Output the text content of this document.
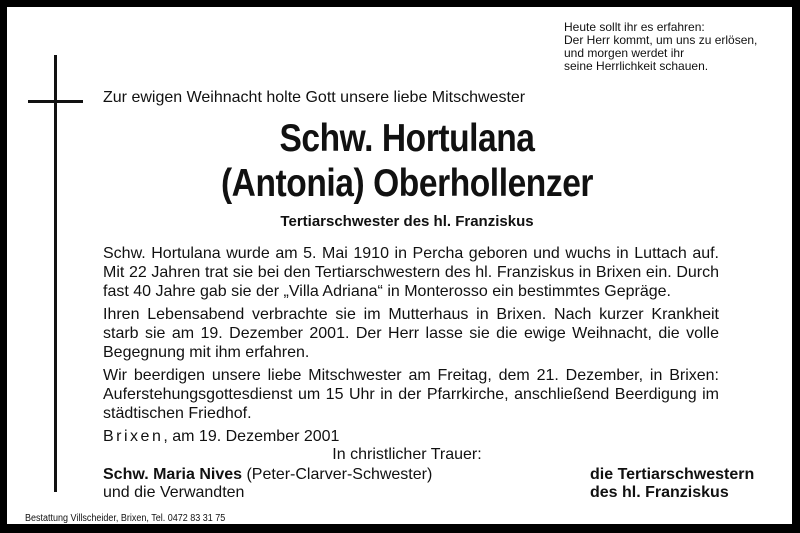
Heute sollt ihr es erfahren:
Der Herr kommt, um uns zu erlösen,
und morgen werdet ihr
seine Herrlichkeit schauen.
Zur ewigen Weihnacht holte Gott unsere liebe Mitschwester
Schw. Hortulana
(Antonia) Oberhollenzer
Tertiarschwester des hl. Franziskus

Schw. Hortulana wurde am 5. Mai 1910 in Percha geboren und wuchs in Luttach auf. Mit 22 Jahren trat sie bei den Tertiarschwestern des hl. Franziskus in Brixen ein. Durch fast 40 Jahre gab sie der „Villa Adriana“ in Monterosso ein bestimmtes Gepräge.

Ihren Lebensabend verbrachte sie im Mutterhaus in Brixen. Nach kurzer Krankheit starb sie am 19. Dezember 2001. Der Herr lasse sie die ewige Weihnacht, die volle Begegnung mit ihm erfahren.

Wir beerdigen unsere liebe Mitschwester am Freitag, dem 21. Dezember, in Brixen: Auferstehungsgottesdienst um 15 Uhr in der Pfarrkirche, anschließend Beerdigung im städtischen Friedhof.

Brixen, am 19. Dezember 2001
In christlicher Trauer:
Schw. Maria Nives (Peter-Clarver-Schwester)
und die Verwandten
die Tertiarschwestern
des hl. Franziskus
Bestattung Villscheider, Brixen, Tel. 0472 83 31 75
